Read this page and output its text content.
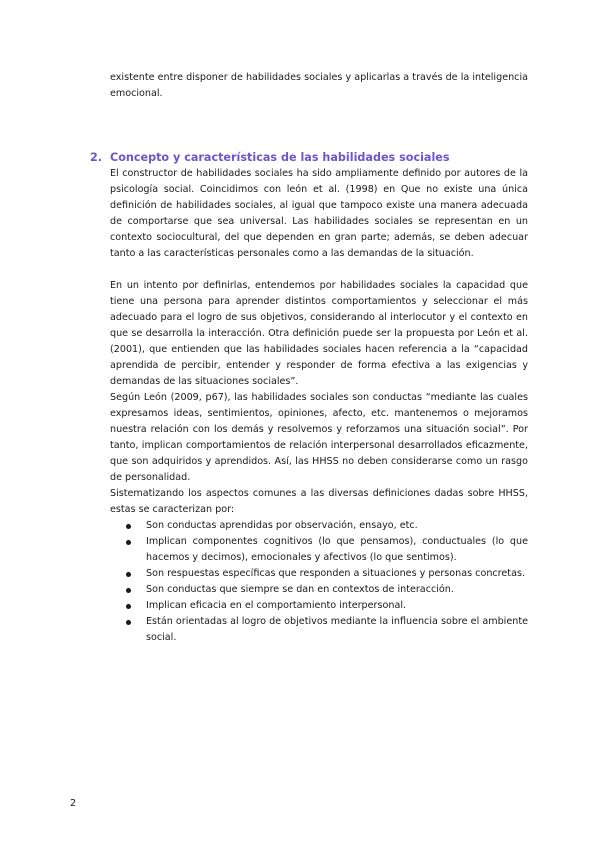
existente entre disponer de habilidades sociales y aplicarlas a través de la inteligencia emocional.

2. Concepto y características de las habilidades sociales

El constructor de habilidades sociales ha sido ampliamente definido por autores de la psicología social. Coincidimos con león et al. (1998) en Que no existe una única definición de habilidades sociales, al igual que tampoco existe una manera adecuada de comportarse que sea universal. Las habilidades sociales se representan en un contexto sociocultural, del que dependen en gran parte; además, se deben adecuar tanto a las características personales como a las demandas de la situación.

En un intento por definirlas, entendemos por habilidades sociales la capacidad que tiene una persona para aprender distintos comportamientos y seleccionar el más adecuado para el logro de sus objetivos, considerando al interlocutor y el contexto en que se desarrolla la interacción. Otra definición puede ser la propuesta por León et al. (2001), que entienden que las habilidades sociales hacen referencia a la “capacidad aprendida de percibir, entender y responder de forma efectiva a las exigencias y demandas de las situaciones sociales”.

Según León (2009, p67), las habilidades sociales son conductas “mediante las cuales expresamos ideas, sentimientos, opiniones, afecto, etc. mantenemos o mejoramos nuestra relación con los demás y resolvemos y reforzamos una situación social”. Por tanto, implican comportamientos de relación interpersonal desarrollados eficazmente, que son adquiridos y aprendidos. Así, las HHSS no deben considerarse como un rasgo de personalidad.

Sistematizando los aspectos comunes a las diversas definiciones dadas sobre HHSS, estas se caracterizan por:

Son conductas aprendidas por observación, ensayo, etc.
Implican componentes cognitivos (lo que pensamos), conductuales (lo que hacemos y decimos), emocionales y afectivos (lo que sentimos).
Son respuestas específicas que responden a situaciones y personas concretas.
Son conductas que siempre se dan en contextos de interacción.
Implican eficacia en el comportamiento interpersonal.
Están orientadas al logro de objetivos mediante la influencia sobre el ambiente social.

2
